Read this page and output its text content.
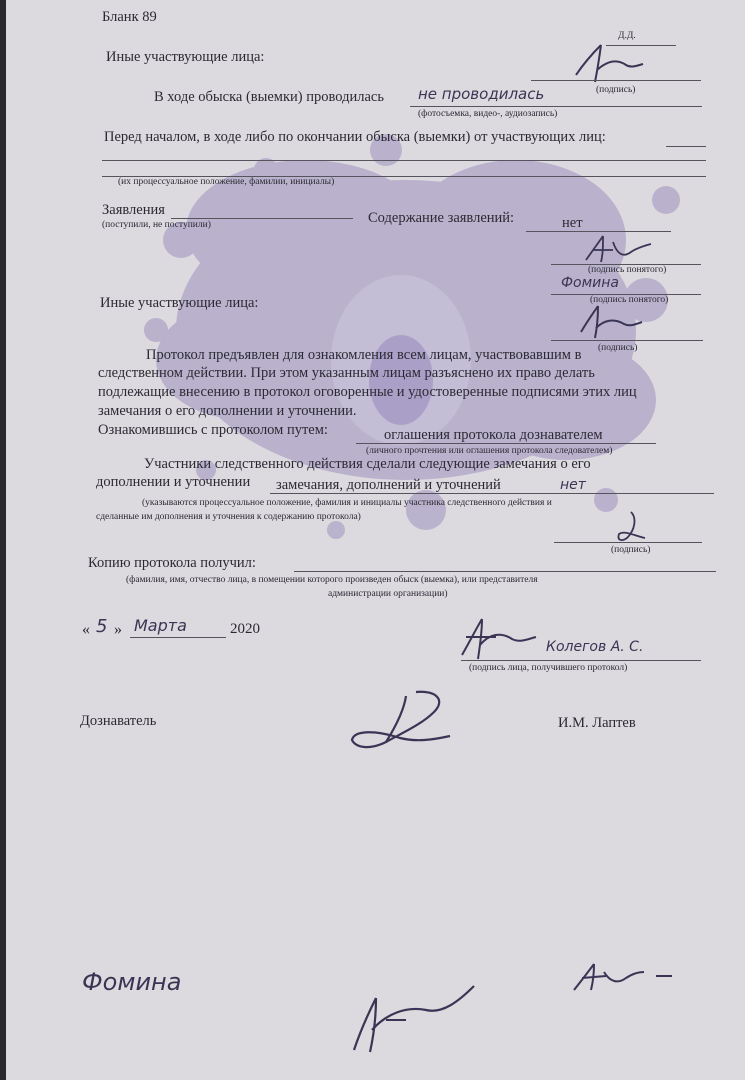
Бланк 89
Д.Д.
Иные участвующие лица:
(подпись)
В ходе обыска (выемки) проводилась не проводилась
(фотосъемка, видео-, аудиозапись)
Перед началом, в ходе либо по окончании обыска (выемки) от участвующих лиц:
(их процессуальное положение, фамилии, инициалы)
Заявления
(поступили, не поступили)	Содержание заявлений:	нет
(подпись понятого)
Фомина
(подпись понятого)
Иные участвующие лица:
(подпись)
Протокол предъявлен для ознакомления всем лицам, участвовавшим в
следственном действии. При этом указанным лицам разъяснено их право делать
подлежащие внесению в протокол оговоренные и удостоверенные подписями этих лиц
замечания о его дополнении и уточнении.
Ознакомившись с протоколом путем:	оглашения протокола дознавателем
(личного прочтения или оглашения протокола следователем)
Участники следственного действия сделали следующие замечания о его
дополнении и уточнении замечания, дополнений и уточнений	нет
(указываются процессуальное положение, фамилия и инициалы участника следственного действия и
сделанные им дополнения и уточнения к содержанию протокола)
(подпись)
Копию протокола получил:
(фамилия, имя, отчество лица, в помещении которого произведен обыск (выемка), или представителя
администрации организации)
« 5 » Марта	2020
Колегов А. С.
(подпись лица, получившего протокол)
Дознаватель	И.М. Лаптев
Фомина
